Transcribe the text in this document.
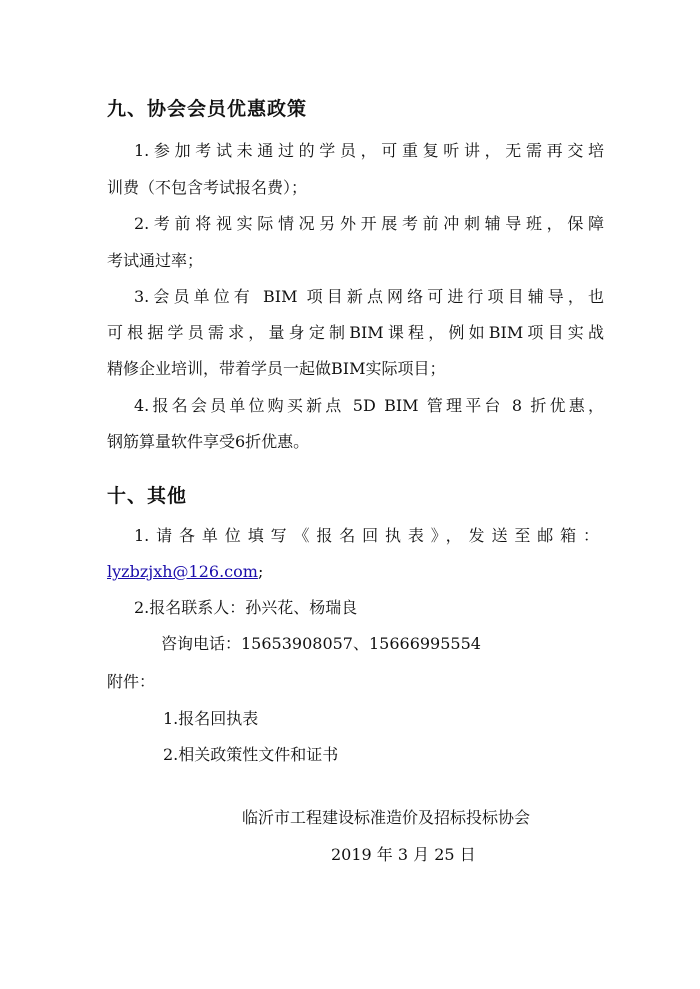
九、协会会员优惠政策
1.参加考试未通过的学员，可重复听讲，无需再交培
训费（不包含考试报名费）；
2.考前将视实际情况另外开展考前冲刺辅导班，保障
考试通过率；
3.会员单位有 BIM 项目新点网络可进行项目辅导，也
可根据学员需求，量身定制BIM课程，例如BIM项目实战
精修企业培训，带着学员一起做BIM实际项目；
4.报名会员单位购买新点 5D BIM 管理平台 8 折优惠，
钢筋算量软件享受6折优惠。
十、其他
1.请各单位填写《报名回执表》，发送至邮箱：
lyzbzjxh@126.com;
2.报名联系人：孙兴花、杨瑞良
咨询电话：15653908057、15666995554
附件：
1.报名回执表
2.相关政策性文件和证书
临沂市工程建设标准造价及招标投标协会
2019 年 3 月 25 日
